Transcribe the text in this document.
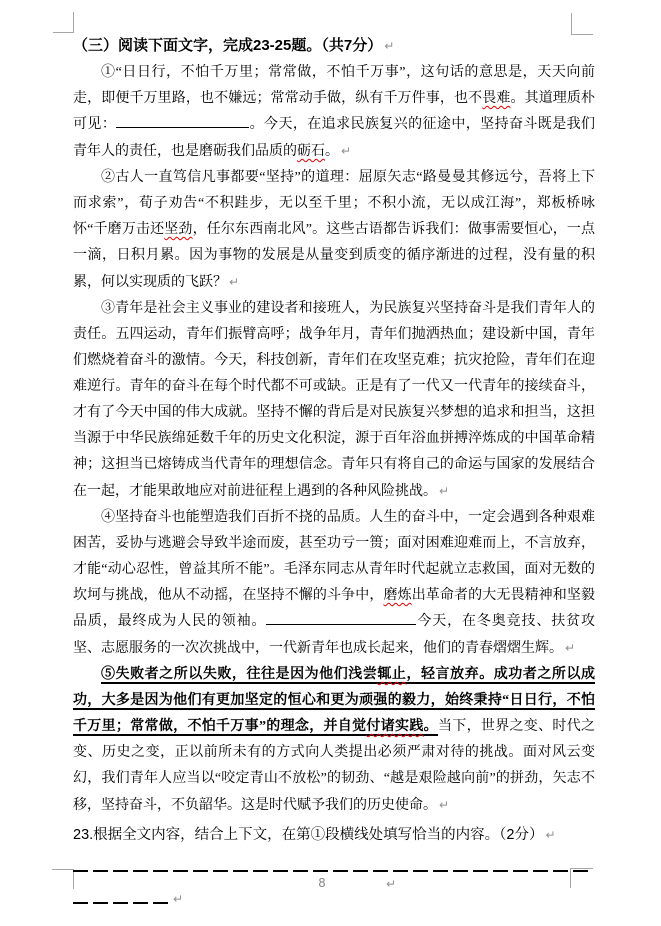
（三）阅读下面文字，完成23-25题。（共7分） ↵

①“日日行，不怕千万里；常常做，不怕千万事”，这句话的意思是，天天向前走，即便千万里路，也不嫌远；常常动手做，纵有千万件事，也不畏难。其道理质朴可见：	。今天，在追求民族复兴的征途中，坚持奋斗既是我们青年人的责任，也是磨砺我们品质的砺石。 ↵

②古人一直笃信凡事都要“坚持”的道理：屈原矢志“路曼曼其修远兮，吾将上下而求索”，荀子劝告“不积跬步，无以至千里；不积小流，无以成江海”，郑板桥咏怀“千磨万击还坚劲，任尔东西南北风”。这些古语都告诉我们：做事需要恒心，一点一滴，日积月累。因为事物的发展是从量变到质变的循序渐进的过程，没有量的积累，何以实现质的飞跃？ ↵

③青年是社会主义事业的建设者和接班人，为民族复兴坚持奋斗是我们青年人的责任。五四运动，青年们振臂高呼；战争年月，青年们抛洒热血；建设新中国，青年们燃烧着奋斗的激情。今天，科技创新，青年们在攻坚克难；抗灾抢险，青年们在迎难逆行。青年的奋斗在每个时代都不可或缺。正是有了一代又一代青年的接续奋斗，才有了今天中国的伟大成就。坚持不懈的背后是对民族复兴梦想的追求和担当，这担当源于中华民族绵延数千年的历史文化积淀，源于百年浴血拼搏淬炼成的中国革命精神；这担当已熔铸成当代青年的理想信念。青年只有将自己的命运与国家的发展结合在一起，才能果敢地应对前进征程上遇到的各种风险挑战。 ↵

④坚持奋斗也能塑造我们百折不挠的品质。人生的奋斗中，一定会遇到各种艰难困苦，妥协与逃避会导致半途而废，甚至功亏一篑；面对困难迎难而上，不言放弃，才能“动心忍性，曾益其所不能”。毛泽东同志从青年时代起就立志救国，面对无数的坎坷与挑战，他从不动摇，在坚持不懈的斗争中，磨炼出革命者的大无畏精神和坚毅品质，最终成为人民的领袖。	今天，在冬奥竞技、扶贫攻坚、志愿服务的一次次挑战中，一代新青年也成长起来，他们的青春熠熠生辉。 ↵

⑤失败者之所以失败，往往是因为他们浅尝辄止，轻言放弃。成功者之所以成功，大多是因为他们有更加坚定的恒心和更为顽强的毅力，始终秉持“日日行，不怕千万里；常常做，不怕千万事”的理念，并自觉付诸实践。当下，世界之变、时代之变、历史之变，正以前所未有的方式向人类提出必须严肃对待的挑战。面对风云变幻，我们青年人应当以“咬定青山不放松”的韧劲、“越是艰险越向前”的拼劲，矢志不移，坚持奋斗，不负韶华。这是时代赋予我们的历史使命。 ↵

23.根据全文内容，结合上下文，在第①段横线处填写恰当的内容。（2分） ↵

↵
8	↵
